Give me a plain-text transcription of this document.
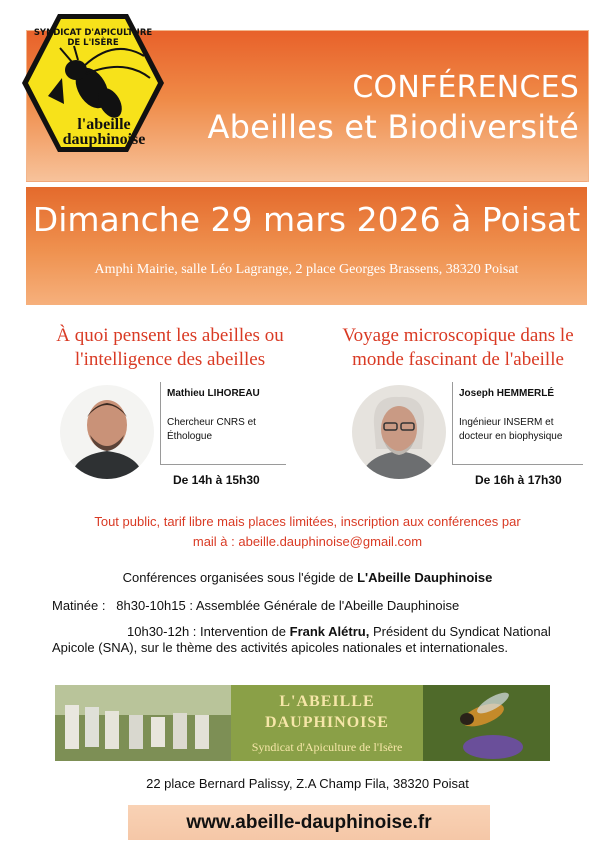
CONFÉRENCES
Abeilles et Biodiversité
SYNDICAT D'APICULTURE
DE L'ISÈRE
l'abeille
dauphinoise
Dimanche 29 mars 2026 à Poisat
Amphi Mairie, salle Léo Lagrange, 2 place Georges Brassens, 38320 Poisat
À quoi pensent les abeilles ou l'intelligence des abeilles
Mathieu LIHOREAU
Chercheur CNRS et
Éthologue
De 14h à 15h30
Voyage microscopique dans le monde fascinant de l'abeille
Joseph HEMMERLÉ
Ingénieur INSERM et
docteur en biophysique
De 16h à 17h30
Tout public, tarif libre mais places limitées, inscription aux conférences par
mail à : abeille.dauphinoise@gmail.com
Conférences organisées sous l'égide de L'Abeille Dauphinoise
Matinée :   8h30-10h15 : Assemblée Générale de l'Abeille Dauphinoise
10h30-12h : Intervention de Frank Alétru, Président du Syndicat National Apicole (SNA), sur le thème des activités apicoles nationales et internationales.
L'ABEILLE
DAUPHINOISE
Syndicat d'Apiculture de l'Isère
22 place Bernard Palissy, Z.A Champ Fila, 38320 Poisat
www.abeille-dauphinoise.fr
